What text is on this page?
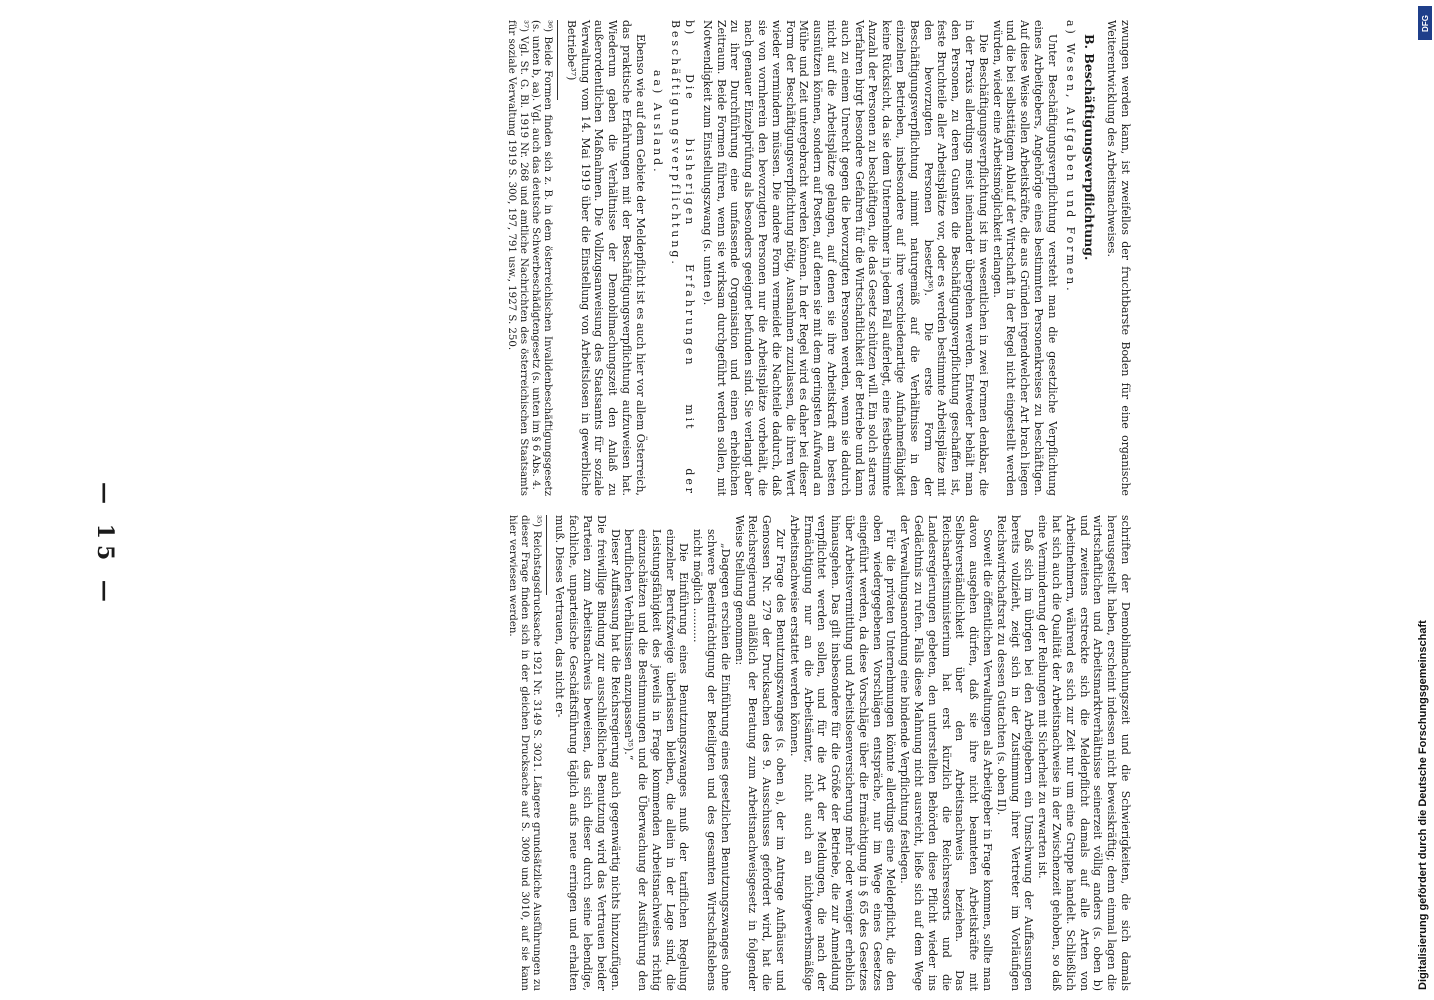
schriften der Demobilmachungszeit und die Schwierigkeiten, die sich damals herausgestellt haben, erscheint indessen nicht beweiskräftig; denn einmal lagen die wirtschaftlichen und Arbeitsmarktverhältnisse seinerzeit völlig anders (s. oben b) und zweitens erstreckte sich die Meldepflicht damals auf alle Arten von Arbeitnehmern, während es sich zur Zeit nur um eine Gruppe handelt. Schließlich hat sich auch die Qualität der Arbeitsnachweise in der Zwischenzeit gehoben, so daß eine Verminderung der Reibungen mit Sicherheit zu erwarten ist.

Daß sich im übrigen bei den Arbeitgebern ein Umschwung der Auffassungen bereits vollzieht, zeigt sich in der Zustimmung ihrer Vertreter im Vorläufigen Reichswirtschaftsrat zu dessen Gutachten (s. oben II).

Soweit die öffentlichen Verwaltungen als Arbeitgeber in Frage kommen, sollte man davon ausgehen dürfen, daß sie ihre nicht beamteten Arbeitskräfte mit Selbstverständlichkeit über den Arbeitsnachweis beziehen. Das Reichsarbeitsministerium hat erst kürzlich die Reichsressorts und die Landesregierungen gebeten, den unterstellten Behörden diese Pflicht wieder ins Gedächtnis zu rufen. Falls diese Mahnung nicht ausreicht, ließe sich auf dem Wege der Verwaltungsanordnung eine bindende Verpflichtung festlegen.

Für die privaten Unternehmungen könnte allerdings eine Meldepflicht, die den oben wiedergegebenen Vorschlägen entspräche, nur im Wege eines Gesetzes eingeführt werden, da diese Vorschläge über die Ermächtigung in § 65 des Gesetzes über Arbeitsvermittlung und Arbeitslosenversicherung mehr oder weniger erheblich hinausgehen. Das gilt insbesondere für die Größe der Betriebe, die zur Anmeldung verpflichtet werden sollen, und für die Art der Meldungen, die nach der Ermächtigung nur an die Arbeitsämter, nicht auch an nichtgewerbsmäßige Arbeitsnachweise erstattet werden können.

Zur Frage des Benutzungszwanges (s. oben a), der im Antrage Aufhäuser und Genossen Nr. 279 der Drucksachen des 9. Ausschusses gefordert wird, hat die Reichsregierung anläßlich der Beratung zum Arbeitsnachweisgesetz in folgender Weise Stellung genommen:

„Dagegen erschien die Einführung eines gesetzlichen Benutzungszwanges ohne schwere Beeinträchtigung der Beteiligten und des gesamten Wirtschaftslebens nicht möglich ..........

Die Einführung eines Benutzungszwanges muß der tariflichen Regelung einzelner Berufszweige überlassen bleiben, die allein in der Lage sind, die Leistungsfähigkeit des jeweils in Frage kommenden Arbeitsnachweises richtig einzuschätzen und die Bestimmungen und die Überwachung der Ausführung den beruflichen Verhältnissen anzupassen³⁵).“

Dieser Auffassung hat die Reichsregierung auch gegenwärtig nichts hinzuzufügen. Die freiwillige Bindung zur ausschließlichen Benutzung wird das Vertrauen beider Parteien zum Arbeitsnachweis beweisen, das sich dieser durch seine lebendige, fachliche, unparteiische Geschäftsführung täglich aufs neue erringen und erhalten muß. Dieses Vertrauen, das nicht er-

³⁵) Reichstagsdrucksache 1921 Nr. 3149 S. 3021. Längere grundsätzliche Ausführungen zu dieser Frage finden sich in der gleichen Drucksache auf S. 3009 und 3010, auf sie kann hier verwiesen werden.

zwungen werden kann, ist zweifellos der fruchtbarste Boden für eine organische Weiterentwicklung des Arbeitsnachweises.

B. Beschäftigungsverpflichtung.

a) Wesen, Aufgaben und Formen.

Unter Beschäftigungsverpflichtung versteht man die gesetzliche Verpflichtung eines Arbeitgebers, Angehörige eines bestimmten Personenkreises zu beschäftigen. Auf diese Weise sollen Arbeitskräfte, die aus Gründen irgendwelcher Art brach liegen und die bei selbsttätigem Ablauf der Wirtschaft in der Regel nicht eingestellt werden würden, wieder eine Arbeitsmöglichkeit erlangen.

Die Beschäftigungsverpflichtung ist im wesentlichen in zwei Formen denkbar, die in der Praxis allerdings meist ineinander übergehen werden. Entweder behält man den Personen, zu deren Gunsten die Beschäftigungsverpflichtung geschaffen ist, feste Bruchteile aller Arbeitsplätze vor, oder es werden bestimmte Arbeitsplätze mit den bevorzugten Personen besetzt³⁶). Die erste Form der Beschäftigungsverpflichtung nimmt naturgemäß auf die Verhältnisse in den einzelnen Betrieben, insbesondere auf ihre verschiedenartige Aufnahmefähigkeit keine Rücksicht, da sie dem Unternehmer in jedem Fall auferlegt, eine festbestimmte Anzahl der Personen zu beschäftigen, die das Gesetz schützen will. Ein solch starres Verfahren birgt besondere Gefahren für die Wirtschaftlichkeit der Betriebe und kann auch zu einem Unrecht gegen die bevorzugten Personen werden, wenn sie dadurch nicht auf die Arbeitsplätze gelangen, auf denen sie ihre Arbeitskraft am besten ausnützen können, sondern auf Posten, auf denen sie mit dem geringsten Aufwand an Mühe und Zeit untergebracht werden können. In der Regel wird es daher bei dieser Form der Beschäftigungsverpflichtung nötig, Ausnahmen zuzulassen, die ihren Wert wieder vermindern müssen. Die andere Form vermeidet die Nachteile dadurch, daß sie von vornherein den bevorzugten Personen nur die Arbeitsplätze vorbehält, die nach genauer Einzelprüfung als besonders geeignet befunden sind. Sie verlangt aber zu ihrer Durchführung eine umfassende Organisation und einen erheblichen Zeitraum. Beide Formen führen, wenn sie wirksam durchgeführt werden sollen, mit Notwendigkeit zum Einstellungszwang (s. unten e).

b) Die bisherigen Erfahrungen mit der Beschäftigungsverpflichtung.

aa) Ausland.

Ebenso wie auf dem Gebiete der Meldepflicht ist es auch hier vor allem Österreich, das praktische Erfahrungen mit der Beschäftigungsverpflichtung aufzuweisen hat. Wiederum gaben die Verhältnisse der Demobilmachungszeit den Anlaß zu außerordentlichen Maßnahmen. Die Vollzugsanweisung des Staatsamts für soziale Verwaltung vom 14. Mai 1919 über die Einstellung von Arbeitslosen in gewerbliche Betriebe³⁷)

³⁶) Beide Formen finden sich z. B. in dem österreichischen Invalidenbeschäftigungsgesetz (s. unten b, aa). Vgl. auch das deutsche Schwerbeschädigtengesetz (s. unten im § 6 Abs. 4.

³⁷) Vgl. St. G. Bl. 1919 Nr. 268 und amtliche Nachrichten des österreichischen Staatsamts für soziale Verwaltung 1919 S. 300, 197, 791 usw., 1927 S. 250.

— 15 —
DFG
Digitalisierung gefördert durch die Deutsche Forschungsgemeinschaft
